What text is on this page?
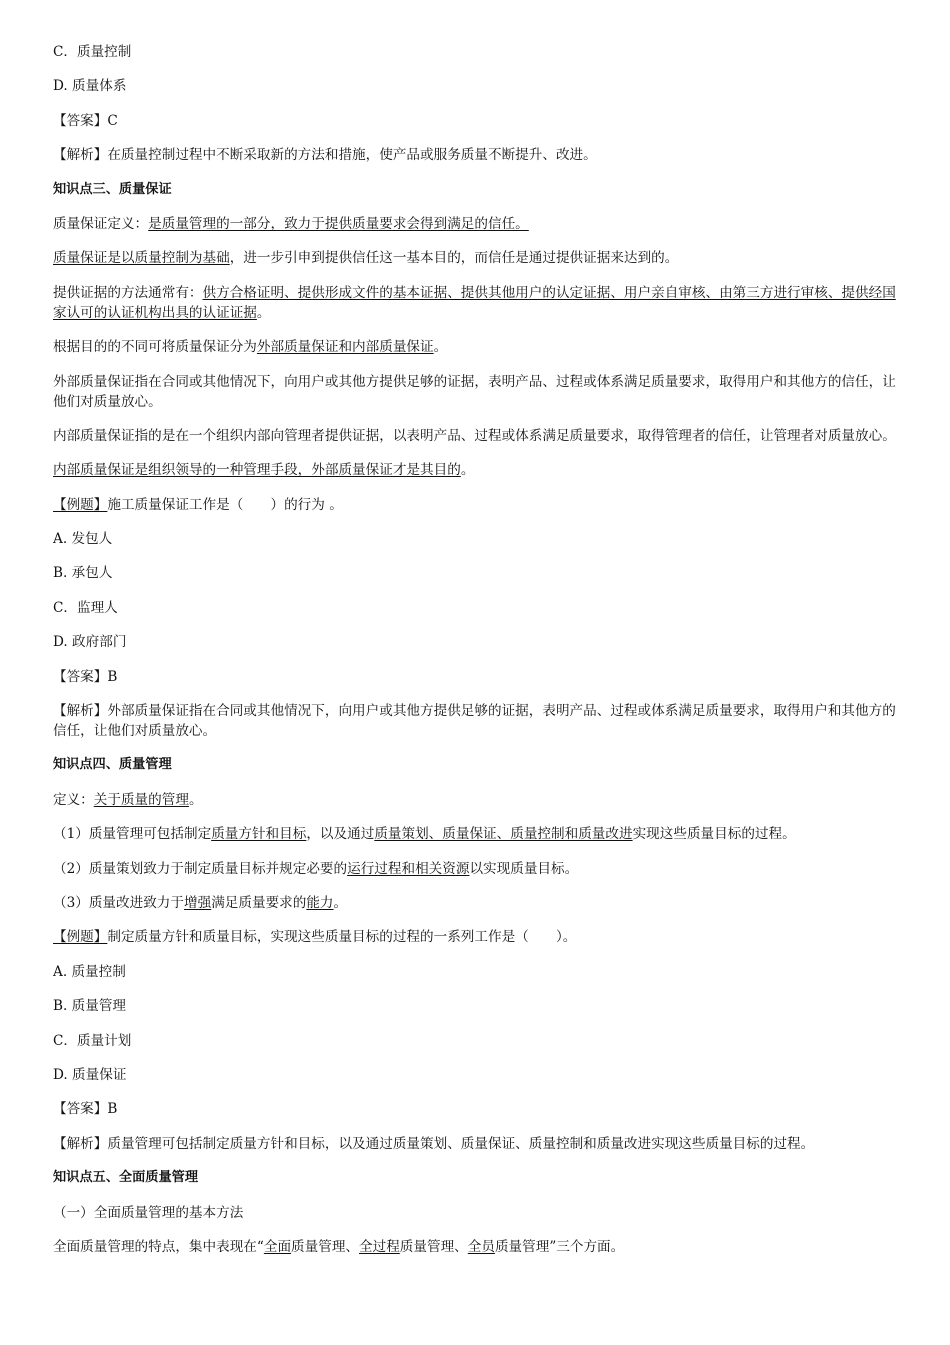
C．质量控制

D. 质量体系

【答案】C

【解析】在质量控制过程中不断采取新的方法和措施，使产品或服务质量不断提升、改进。

知识点三、质量保证

质量保证定义：是质量管理的一部分，致力于提供质量要求会得到满足的信任。

质量保证是以质量控制为基础，进一步引申到提供信任这一基本目的，而信任是通过提供证据来达到的。

提供证据的方法通常有：供方合格证明、提供形成文件的基本证据、提供其他用户的认定证据、用户亲自审核、由第三方进行审核、提供经国家认可的认证机构出具的认证证据。

根据目的的不同可将质量保证分为外部质量保证和内部质量保证。

外部质量保证指在合同或其他情况下，向用户或其他方提供足够的证据，表明产品、过程或体系满足质量要求，取得用户和其他方的信任，让他们对质量放心。

内部质量保证指的是在一个组织内部向管理者提供证据，以表明产品、过程或体系满足质量要求，取得管理者的信任，让管理者对质量放心。

内部质量保证是组织领导的一种管理手段，外部质量保证才是其目的。

【例题】施工质量保证工作是（　　）的行为 。

A. 发包人

B. 承包人

C．监理人

D. 政府部门

【答案】B

【解析】外部质量保证指在合同或其他情况下，向用户或其他方提供足够的证据，表明产品、过程或体系满足质量要求，取得用户和其他方的信任，让他们对质量放心。

知识点四、质量管理

定义：关于质量的管理。

（1）质量管理可包括制定质量方针和目标，以及通过质量策划、质量保证、质量控制和质量改进实现这些质量目标的过程。

（2）质量策划致力于制定质量目标并规定必要的运行过程和相关资源以实现质量目标。

（3）质量改进致力于增强满足质量要求的能力。

【例题】制定质量方针和质量目标，实现这些质量目标的过程的一系列工作是（　　）。

A. 质量控制

B. 质量管理

C．质量计划

D. 质量保证

【答案】B

【解析】质量管理可包括制定质量方针和目标，以及通过质量策划、质量保证、质量控制和质量改进实现这些质量目标的过程。

知识点五、全面质量管理

（一）全面质量管理的基本方法

全面质量管理的特点，集中表现在“全面质量管理、全过程质量管理、全员质量管理”三个方面。
